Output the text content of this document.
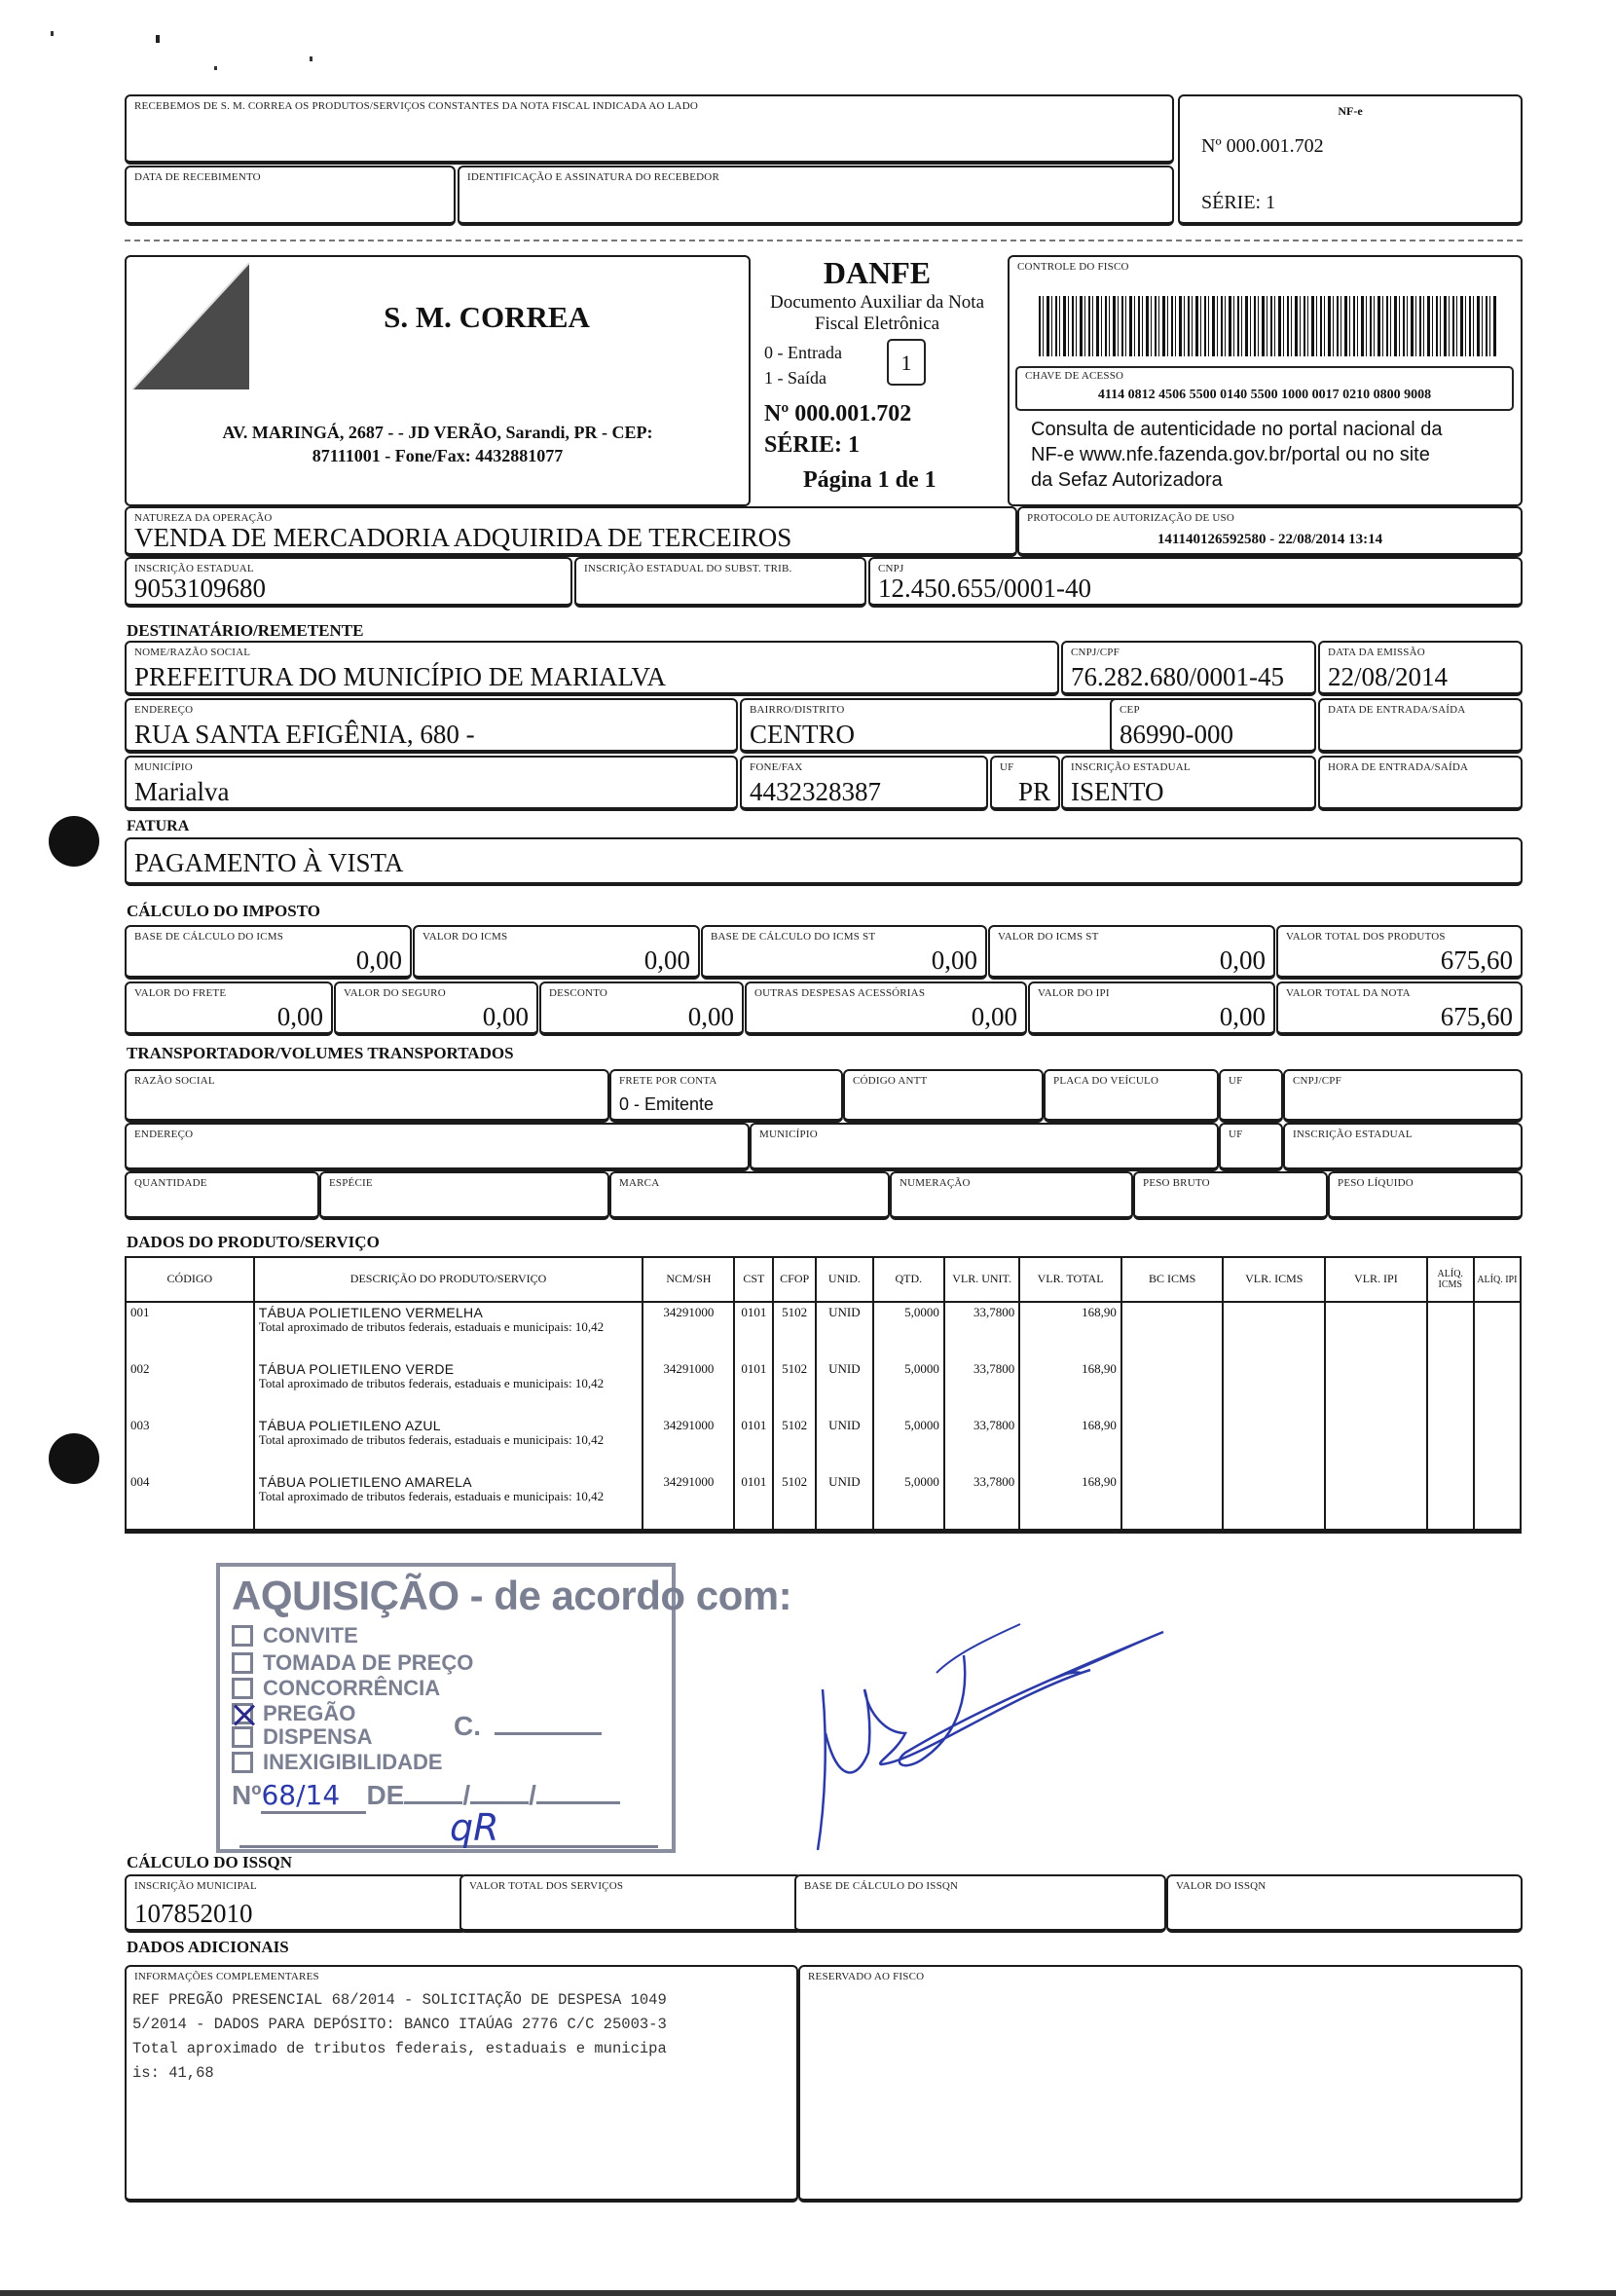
RECEBEMOS DE S. M. CORREA OS PRODUTOS/SERVIÇOS CONSTANTES DA NOTA FISCAL INDICADA AO LADO
DATA DE RECEBIMENTO	IDENTIFICAÇÃO E ASSINATURA DO RECEBEDOR
NF-e
Nº 000.001.702
SÉRIE: 1
S. M. CORREA
AV. MARINGÁ, 2687 - - JD VERÃO, Sarandi, PR - CEP:
87111001 - Fone/Fax: 4432881077
DANFE
Documento Auxiliar da Nota
Fiscal Eletrônica
0 - Entrada
1 - Saída
1
Nº 000.001.702
SÉRIE: 1
Página 1 de 1
CONTROLE DO FISCO
CHAVE DE ACESSO
4114 0812 4506 5500 0140 5500 1000 0017 0210 0800 9008
Consulta de autenticidade no portal nacional da
NF-e www.nfe.fazenda.gov.br/portal ou no site
da Sefaz Autorizadora
NATUREZA DA OPERAÇÃO
VENDA DE MERCADORIA ADQUIRIDA DE TERCEIROS
PROTOCOLO DE AUTORIZAÇÃO DE USO
141140126592580 - 22/08/2014 13:14
INSCRIÇÃO ESTADUAL
9053109680
INSCRIÇÃO ESTADUAL DO SUBST. TRIB.	CNPJ
12.450.655/0001-40
DESTINATÁRIO/REMETENTE
NOME/RAZÃO SOCIAL
PREFEITURA DO MUNICÍPIO DE MARIALVA
CNPJ/CPF
76.282.680/0001-45
DATA DA EMISSÃO
22/08/2014
ENDEREÇO
RUA SANTA EFIGÊNIA, 680 -
BAIRRO/DISTRITO
CENTRO
CEP
86990-000
DATA DE ENTRADA/SAÍDA
MUNICÍPIO
Marialva
FONE/FAX
4432328387
UF
PR
INSCRIÇÃO ESTADUAL
ISENTO
HORA DE ENTRADA/SAÍDA
FATURA
PAGAMENTO À VISTA
CÁLCULO DO IMPOSTO
BASE DE CÁLCULO DO ICMS
0,00
VALOR DO ICMS
0,00
BASE DE CÁLCULO DO ICMS ST
0,00
VALOR DO ICMS ST
0,00
VALOR TOTAL DOS PRODUTOS
675,60
VALOR DO FRETE
0,00
VALOR DO SEGURO
0,00
DESCONTO
0,00
OUTRAS DESPESAS ACESSÓRIAS
0,00
VALOR DO IPI
0,00
VALOR TOTAL DA NOTA
675,60
TRANSPORTADOR/VOLUMES TRANSPORTADOS
RAZÃO SOCIAL	FRETE POR CONTA
0 - Emitente
CÓDIGO ANTT	PLACA DO VEÍCULO	UF	CNPJ/CPF
ENDEREÇO	MUNICÍPIO	UF	INSCRIÇÃO ESTADUAL
QUANTIDADE	ESPÉCIE	MARCA	NUMERAÇÃO	PESO BRUTO	PESO LÍQUIDO
DADOS DO PRODUTO/SERVIÇO
CÓDIGO	DESCRIÇÃO DO PRODUTO/SERVIÇO	NCM/SH	CST	CFOP	UNID.	QTD.	VLR. UNIT.	VLR. TOTAL	BC ICMS	VLR. ICMS	VLR. IPI	ALÍQ. ICMS	ALÍQ. IPI
001	TÁBUA POLIETILENO VERMELHA
Total aproximado de tributos federais, estaduais e municipais: 10,42	34291000	0101	5102	UNID	5,0000	33,7800	168,90					
002	TÁBUA POLIETILENO VERDE
Total aproximado de tributos federais, estaduais e municipais: 10,42	34291000	0101	5102	UNID	5,0000	33,7800	168,90					
003	TÁBUA POLIETILENO AZUL
Total aproximado de tributos federais, estaduais e municipais: 10,42	34291000	0101	5102	UNID	5,0000	33,7800	168,90					
004	TÁBUA POLIETILENO AMARELA
Total aproximado de tributos federais, estaduais e municipais: 10,42	34291000	0101	5102	UNID	5,0000	33,7800	168,90					
AQUISIÇÃO - de acordo com:
CONVITE
TOMADA DE PREÇO
CONCORRÊNCIA
PREGÃO
DISPENSA
INEXIGIBILIDADE
C.
Nº68/14 DE / /
qR
CÁLCULO DO ISSQN
INSCRIÇÃO MUNICIPAL
107852010
VALOR TOTAL DOS SERVIÇOS	BASE DE CÁLCULO DO ISSQN	VALOR DO ISSQN
DADOS ADICIONAIS
INFORMAÇÕES COMPLEMENTARES
REF PREGÃO PRESENCIAL 68/2014 - SOLICITAÇÃO DE DESPESA 1049
5/2014 - DADOS PARA DEPÓSITO: BANCO ITAÚAG 2776 C/C 25003-3
Total aproximado de tributos federais, estaduais e municipa
is: 41,68
RESERVADO AO FISCO
